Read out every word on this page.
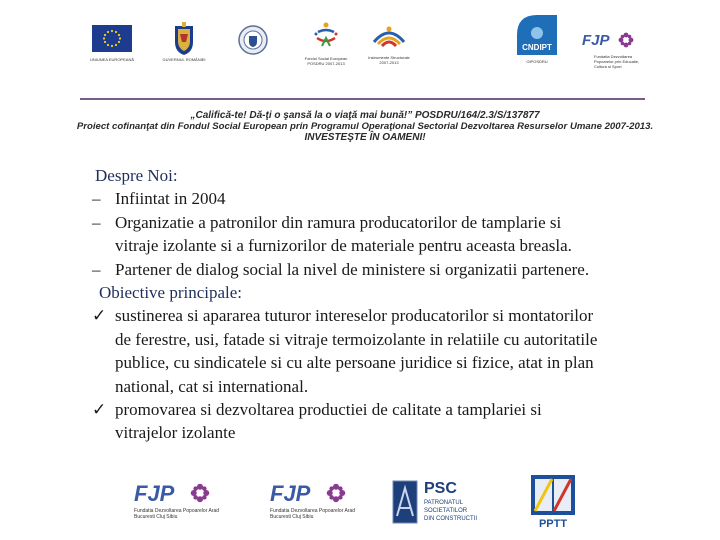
UNIUNEA EUROPEANĂ	GUVERNUL ROMÂNIEI	Fondul Social European POSDRU 2007-2013
Instrumente Structurale 2007-2013
CNDIPT
OIPOSDRU
FJP
Fundatia Dezvoltarea Popoarelor prin Educatie, Cultura si Sport
„Califică-te! Dă-ţi o şansă la o viaţă mai bună!” POSDRU/164/2.3/S/137877
Proiect cofinanţat din Fondul Social European prin Programul Operaţional Sectorial Dezvoltarea Resurselor Umane 2007-2013.
INVESTEŞTE ÎN OAMENI!
Despre Noi:
– Infiintat in 2004
– Organizatie a patronilor din ramura producatorilor de tamplarie si
vitraje izolante si a furnizorilor de materiale pentru aceasta breasla.
– Partener de dialog social la nivel de ministere si organizatii partenere.
Obiective principale:
✓ sustinerea si apararea tuturor intereselor producatorilor si montatorilor
de ferestre, usi, fatade si vitraje termoizolante in relatiile cu autoritatile
publice, cu sindicatele si cu alte persoane juridice si fizice, atat in plan
national, cat si international.
✓ promovarea si dezvoltarea productiei de calitate a tamplariei si
vitrajelor izolante
FJP
Fundatia Dezvoltarea Popoarelor Arad Bucuresti Cluj Sibiu
FJP
Fundatia Dezvoltarea Popoarelor Arad Bucuresti Cluj Sibiu
PSC
PATRONATUL
SOCIETATILOR
DIN CONSTRUCTII	PPTT
